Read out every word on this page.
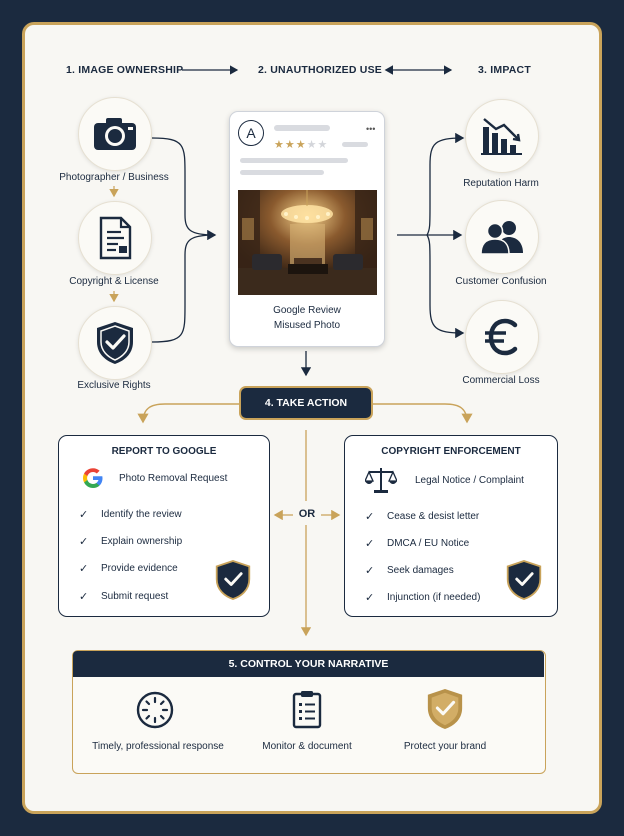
1. IMAGE OWNERSHIP	2. UNAUTHORIZED USE	3. IMPACT
Photographer / Business
Copyright & License
Exclusive Rights
A	•••
★★★★★
Google Review
Misused Photo
Reputation Harm
Customer Confusion
Commercial Loss
4. TAKE ACTION
REPORT TO GOOGLE
Photo Removal Request
✓ Identify the review
✓ Explain ownership
✓ Provide evidence
✓ Submit request
OR
COPYRIGHT ENFORCEMENT
Legal Notice / Complaint
✓ Cease & desist letter
✓ DMCA / EU Notice
✓ Seek damages
✓ Injunction (if needed)
5. CONTROL YOUR NARRATIVE
Timely, professional response	Monitor & document	Protect your brand
